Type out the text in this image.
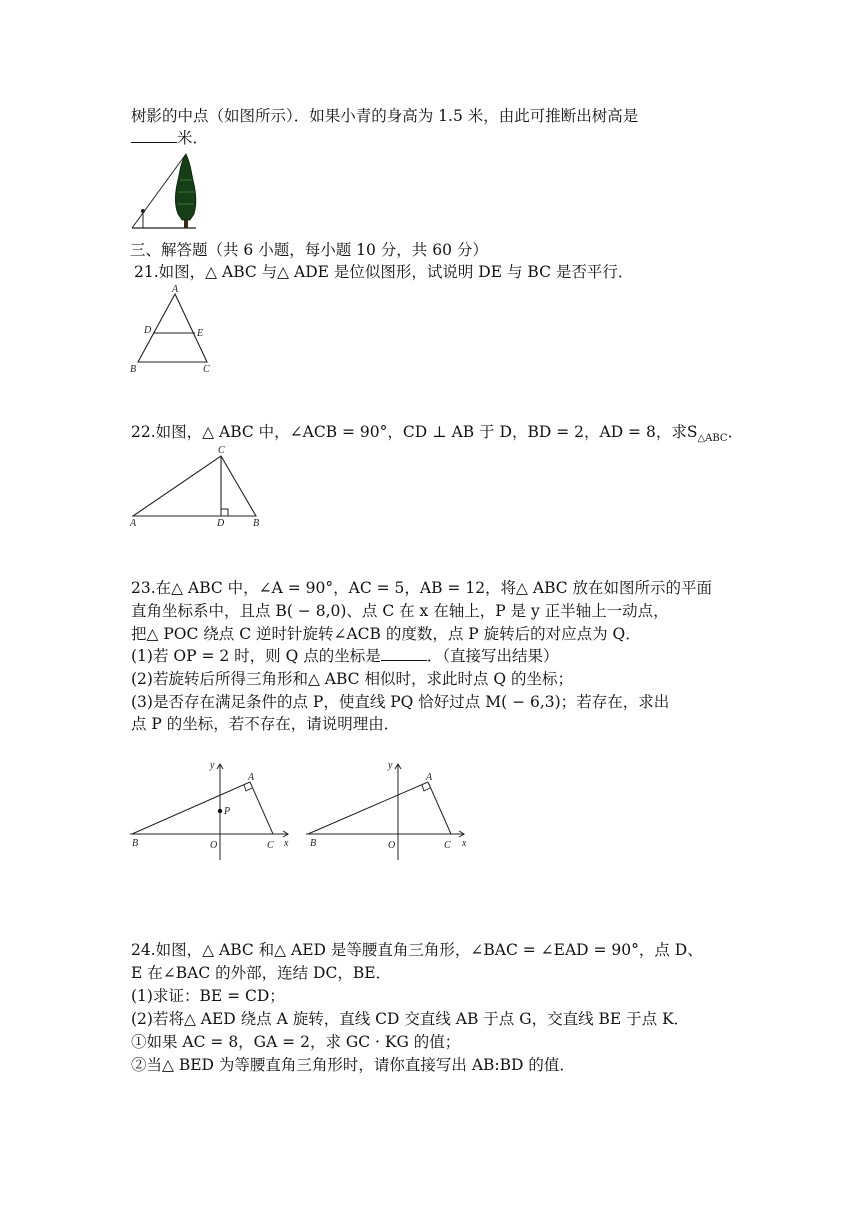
树影的中点（如图所示）．如果小青的身高为 1.5 米，由此可推断出树高是
米．
三、解答题（共 6 小题，每小题 10 分，共 60 分）
21.如图，△ ABC 与△ ADE 是位似图形，试说明 DE 与 BC 是否平行．
A
D	E
B	C
22.如图，△ ABC 中，∠ACB = 90°，CD ⊥ AB 于 D，BD = 2，AD = 8，求$S_{\triangle ABC}$．
C
A	D	B
23.在△ ABC 中，∠A = 90°，AC = 5，AB = 12，将△ ABC 放在如图所示的平面
直角坐标系中，且点 B( − 8,0)、点 C 在 x 在轴上，P 是 y 正半轴上一动点，
把△ POC 绕点 C 逆时针旋转∠ACB 的度数，点 P 旋转后的对应点为 Q．
(1)若 OP = 2 时，则 Q 点的坐标是	．（直接写出结果）
(2)若旋转后所得三角形和△ ABC 相似时，求此时点 Q 的坐标；
(3)是否存在满足条件的点 P，使直线 PQ 恰好过点 M( − 6,3)；若存在，求出
点 P 的坐标，若不存在，请说明理由．
y
A
P
B	O	C x
y
A
B	O	C x
24.如图，△ ABC 和△ AED 是等腰直角三角形，∠BAC = ∠EAD = 90°，点 D、
E 在∠BAC 的外部，连结 DC，BE．
(1)求证：BE = CD；
(2)若将△ AED 绕点 A 旋转，直线 CD 交直线 AB 于点 G，交直线 BE 于点 K．
①如果 AC = 8，GA = 2，求 GC · KG 的值；
②当△ BED 为等腰直角三角形时，请你直接写出 AB:BD 的值．
